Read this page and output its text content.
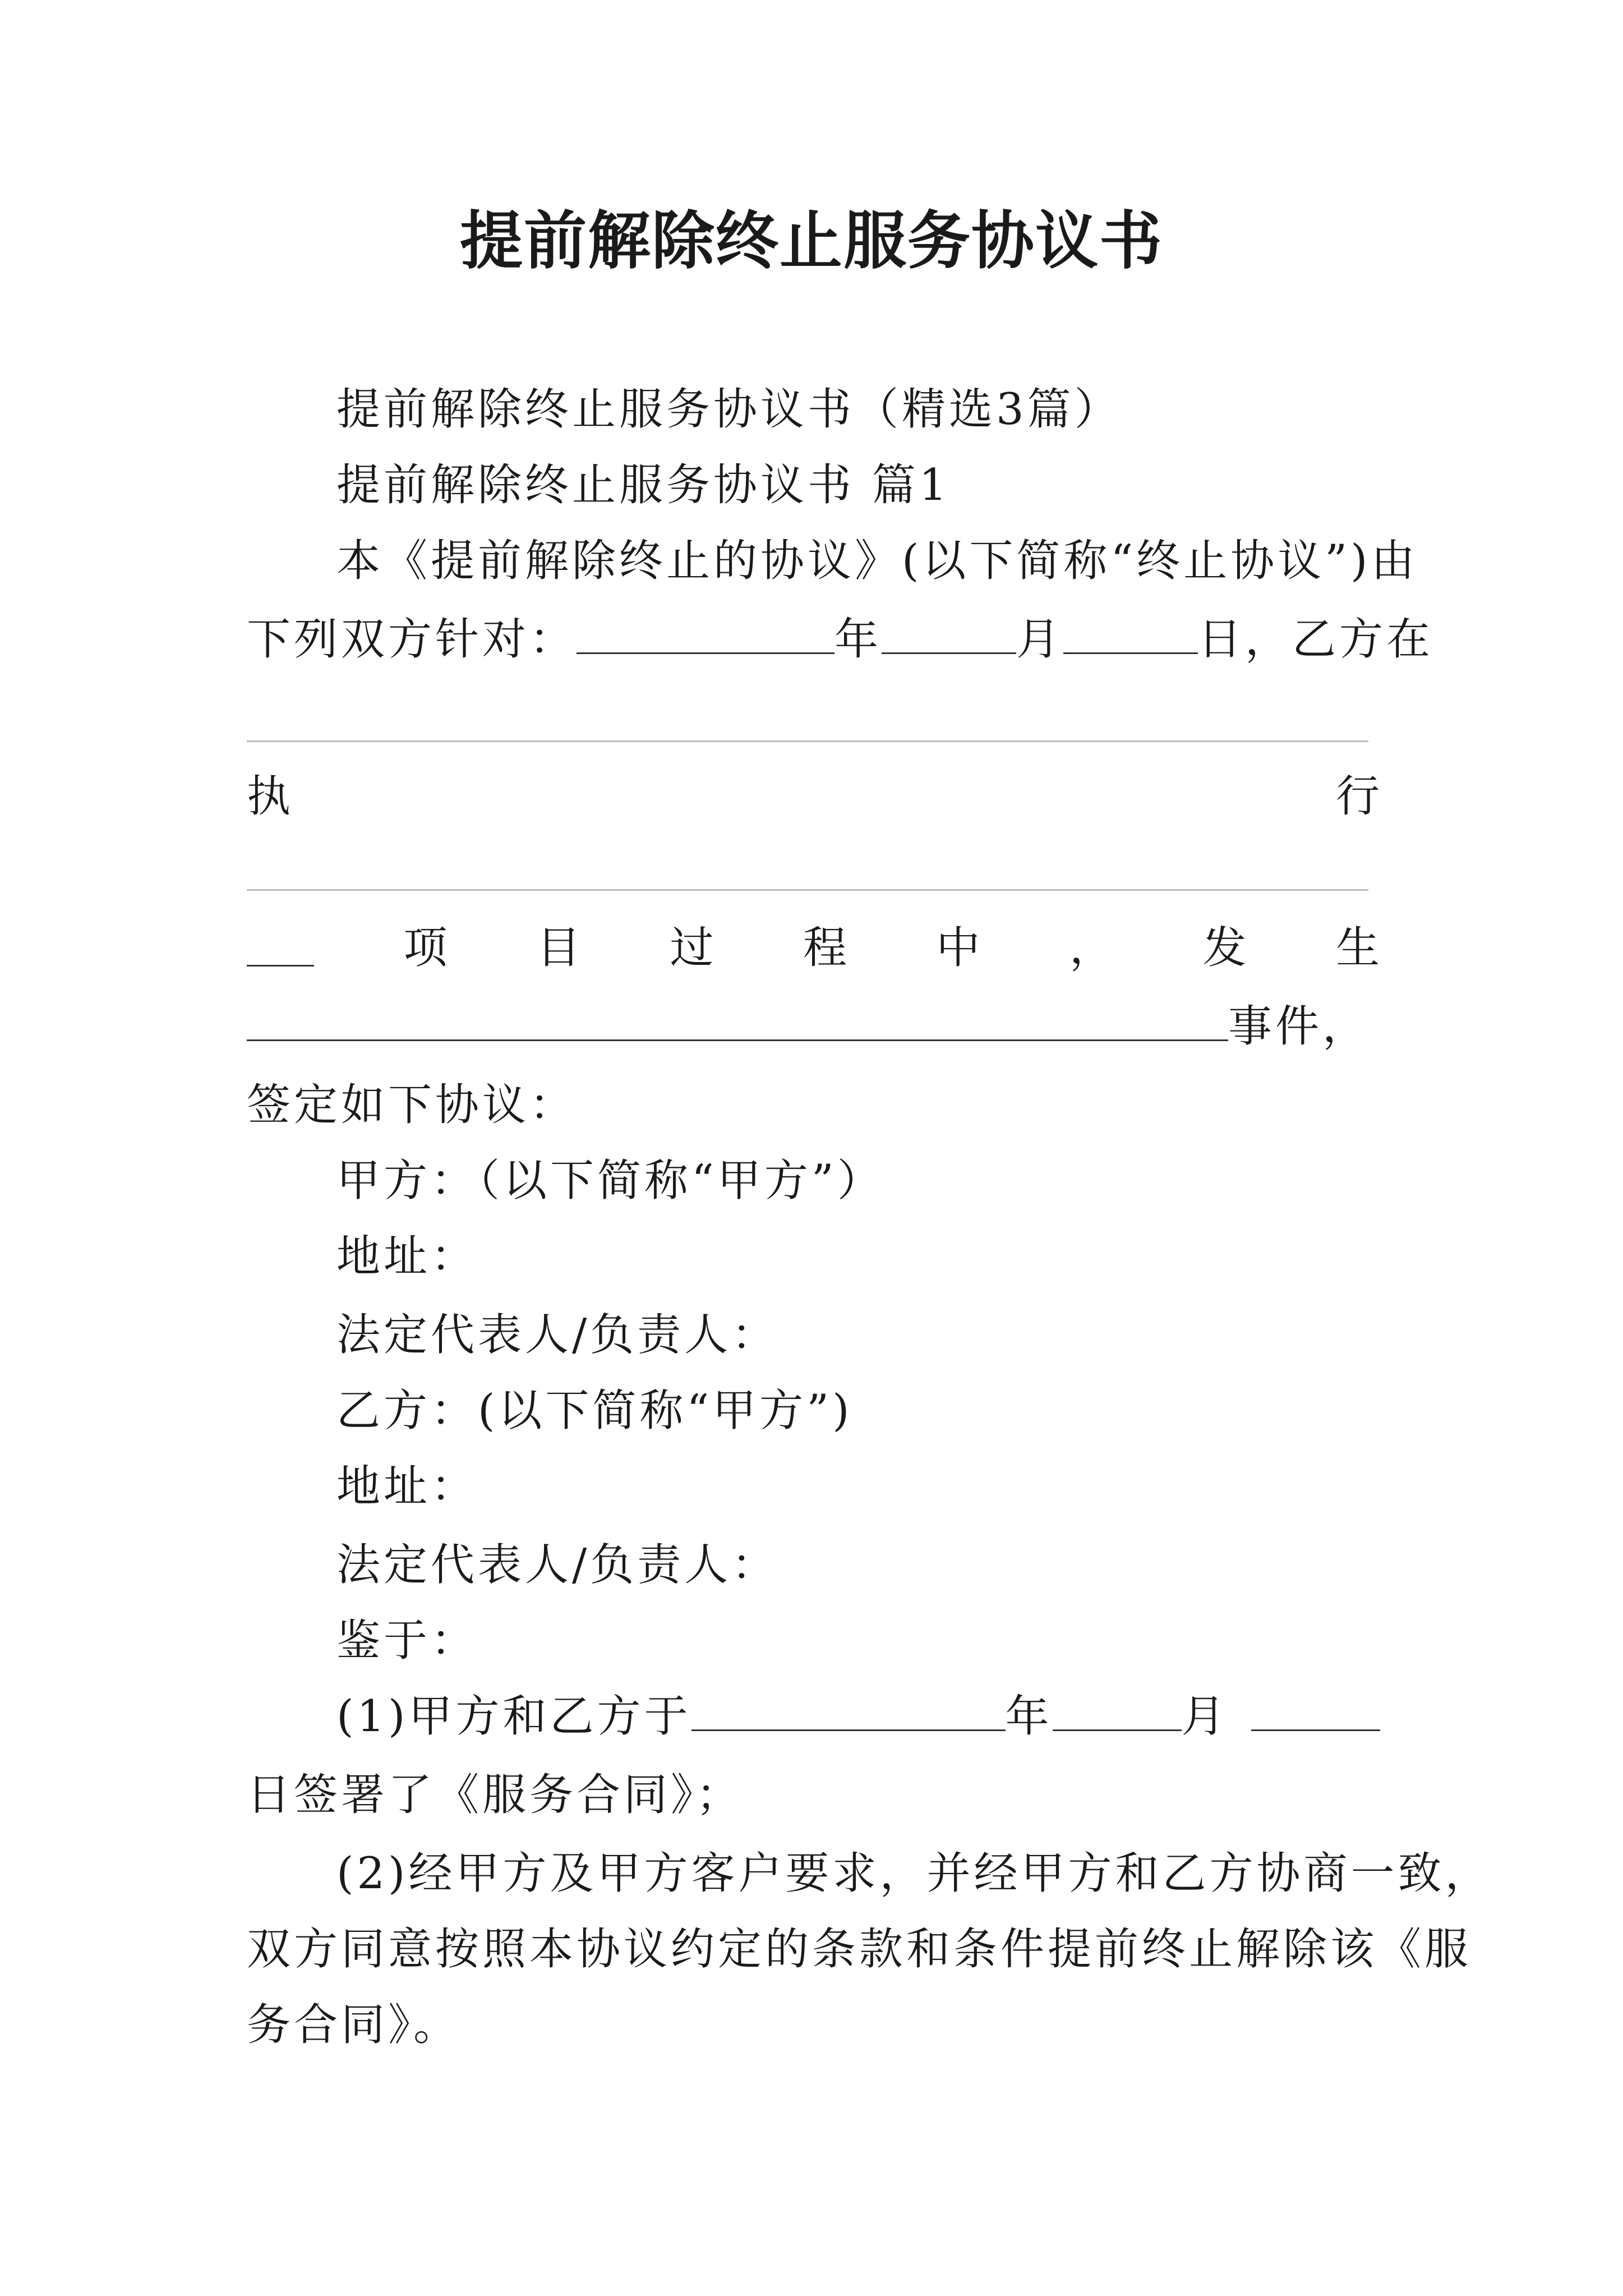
提前解除终止服务协议书
提前解除终止服务协议书（精选3篇）
提前解除终止服务协议书 篇1
本《提前解除终止的协议》(以下简称“终止协议”)由
下列双方针对：	年	月	日，乙方在
执	行
项 目 过 程 中 ， 发 生
事件，
签定如下协议：
甲方：（以下简称“甲方”）
地址：
法定代表人/负责人：
乙方：(以下简称“甲方”)
地址：
法定代表人/负责人：
鉴于：
(1)甲方和乙方于	年	月
日签署了《服务合同》；
(2)经甲方及甲方客户要求，并经甲方和乙方协商一致，
双方同意按照本协议约定的条款和条件提前终止解除该《服
务合同》。
